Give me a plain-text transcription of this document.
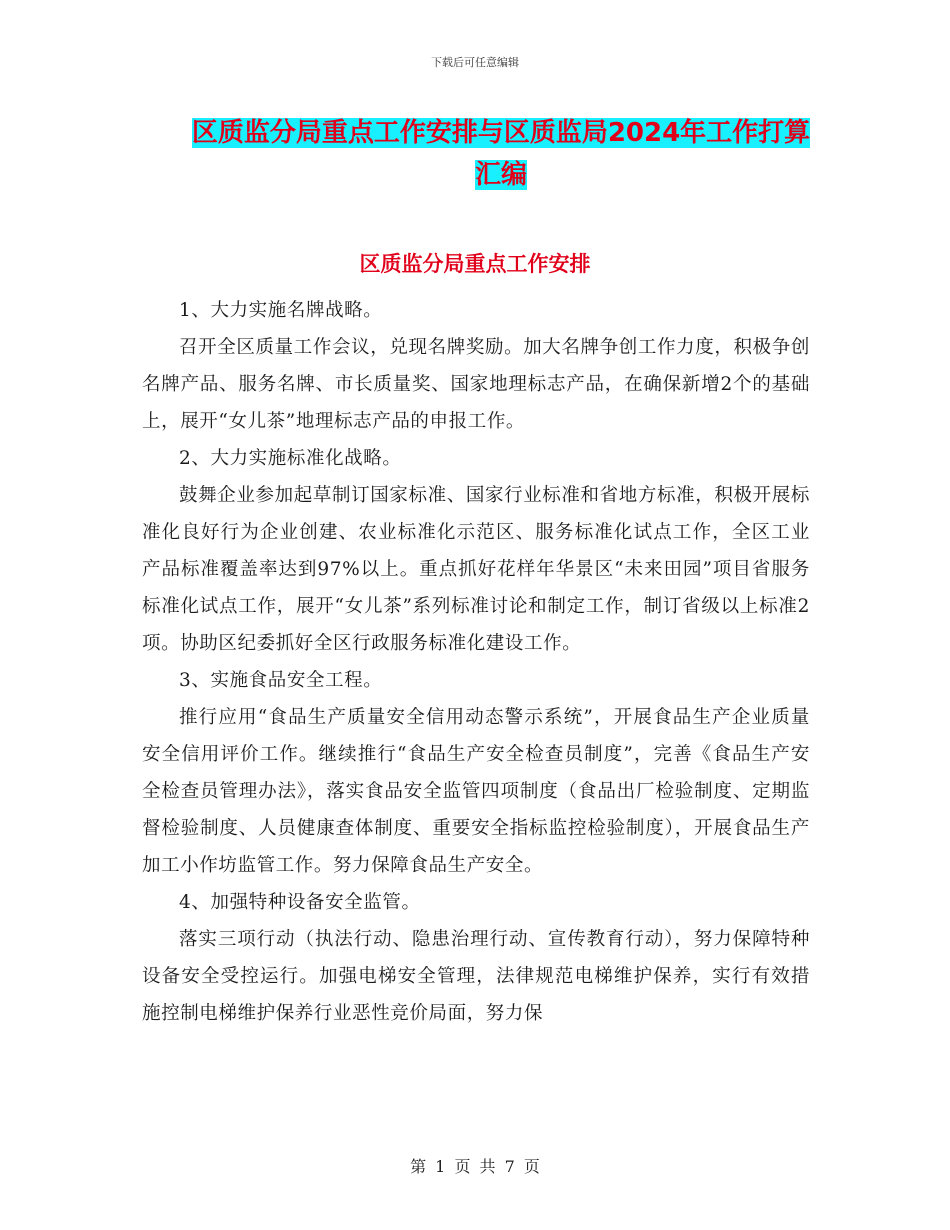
下载后可任意编辑
区质监分局重点工作安排与区质监局2024年工作打算
汇编
区质监分局重点工作安排

1、大力实施名牌战略。

召开全区质量工作会议，兑现名牌奖励。加大名牌争创工作力度，积极争创名牌产品、服务名牌、市长质量奖、国家地理标志产品，在确保新增2个的基础上，展开“女儿茶”地理标志产品的申报工作。

2、大力实施标准化战略。

鼓舞企业参加起草制订国家标准、国家行业标准和省地方标准，积极开展标准化良好行为企业创建、农业标准化示范区、服务标准化试点工作，全区工业产品标准覆盖率达到97%以上。重点抓好花样年华景区“未来田园”项目省服务标准化试点工作，展开“女儿茶”系列标准讨论和制定工作，制订省级以上标准2项。协助区纪委抓好全区行政服务标准化建设工作。

3、实施食品安全工程。

推行应用“食品生产质量安全信用动态警示系统”，开展食品生产企业质量安全信用评价工作。继续推行“食品生产安全检查员制度”，完善《食品生产安全检查员管理办法》，落实食品安全监管四项制度（食品出厂检验制度、定期监督检验制度、人员健康查体制度、重要安全指标监控检验制度），开展食品生产加工小作坊监管工作。努力保障食品生产安全。

4、加强特种设备安全监管。

落实三项行动（执法行动、隐患治理行动、宣传教育行动），努力保障特种设备安全受控运行。加强电梯安全管理，法律规范电梯维护保养，实行有效措施控制电梯维护保养行业恶性竞价局面，努力保

第 1 页 共 7 页
